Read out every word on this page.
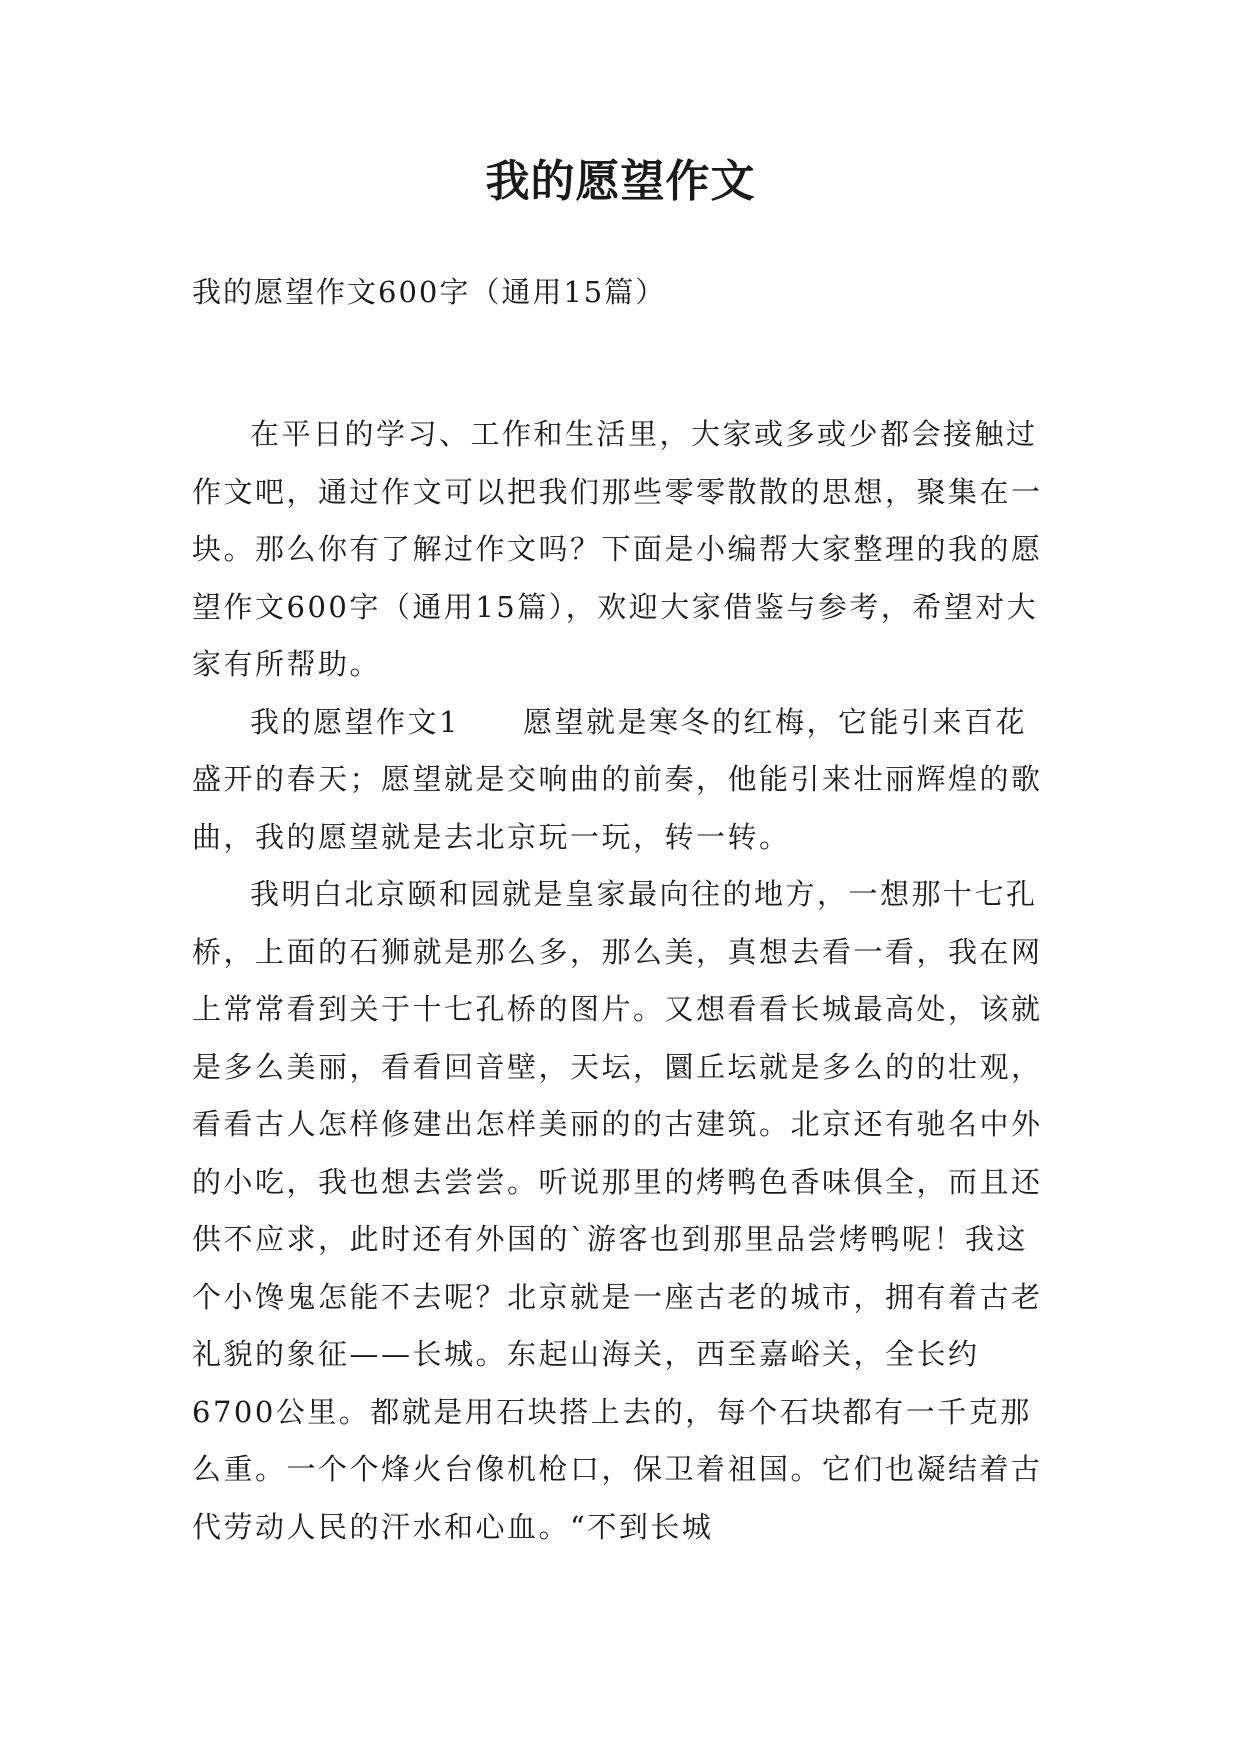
我的愿望作文
我的愿望作文600字（通用15篇）

在平日的学习、工作和生活里，大家或多或少都会接触过作文吧，通过作文可以把我们那些零零散散的思想，聚集在一块。那么你有了解过作文吗？下面是小编帮大家整理的我的愿望作文600字（通用15篇），欢迎大家借鉴与参考，希望对大家有所帮助。

我的愿望作文1　　愿望就是寒冬的红梅，它能引来百花盛开的春天；愿望就是交响曲的前奏，他能引来壮丽辉煌的歌曲，我的愿望就是去北京玩一玩，转一转。

我明白北京颐和园就是皇家最向往的地方，一想那十七孔桥，上面的石狮就是那么多，那么美，真想去看一看，我在网上常常看到关于十七孔桥的图片。又想看看长城最高处，该就是多么美丽，看看回音壁，天坛，圜丘坛就是多么的的壮观，看看古人怎样修建出怎样美丽的的古建筑。北京还有驰名中外的小吃，我也想去尝尝。听说那里的烤鸭色香味俱全，而且还供不应求，此时还有外国的`游客也到那里品尝烤鸭呢！我这个小馋鬼怎能不去呢？北京就是一座古老的城市，拥有着古老礼貌的象征——长城。东起山海关，西至嘉峪关，全长约6700公里。都就是用石块搭上去的，每个石块都有一千克那么重。一个个烽火台像机枪口，保卫着祖国。它们也凝结着古代劳动人民的汗水和心血。“不到长城
